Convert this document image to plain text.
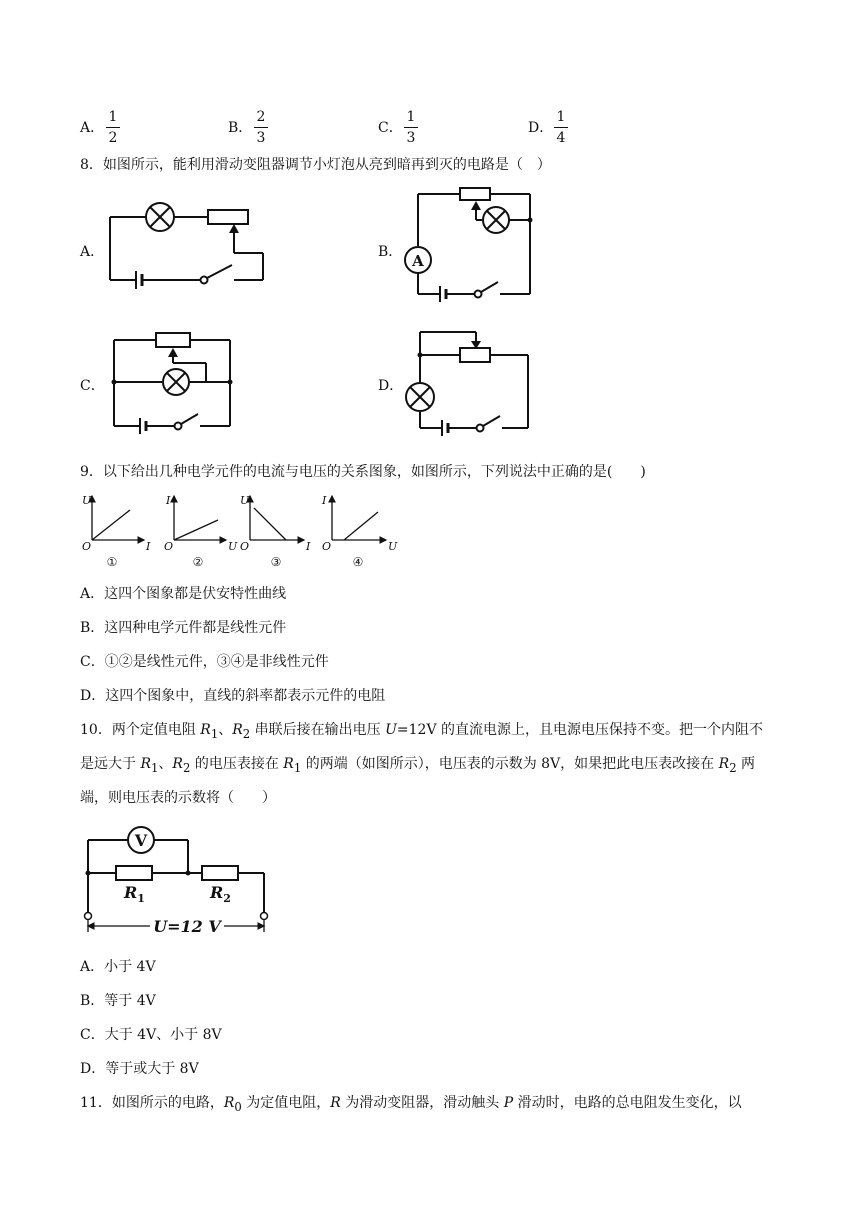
A．
1
2
B．
2
3
C．
1
3
D．
1
4
8．如图所示，能利用滑动变阻器调节小灯泡从亮到暗再到灭的电路是（　）
A．	B． A
C．	D．
9．以下给出几种电学元件的电流与电压的关系图象，如图所示，下列说法中正确的是(　　)
U
I
O
①
I
U
O
②
U
I
O
③
I
U
O
④
A．这四个图象都是伏安特性曲线
B．这四种电学元件都是线性元件
C．①②是线性元件，③④是非线性元件
D．这四个图象中，直线的斜率都表示元件的电阻
10．两个定值电阻 $R_1$、$R_2$ 串联后接在输出电压 U=12V 的直流电源上，且电源电压保持不变。把一个内阻不
是远大于 $R_1$、$R_2$ 的电压表接在 $R_1$ 的两端（如图所示），电压表的示数为 8V，如果把此电压表改接在 $R_2$ 两
端，则电压表的示数将（　　）
V
$R_1$	$R_2$
U=12 V
A．小于 4V
B．等于 4V
C．大于 4V、小于 8V
D．等于或大于 8V
11．如图所示的电路，$R_0$ 为定值电阻，R 为滑动变阻器，滑动触头 P 滑动时，电路的总电阻发生变化，以
